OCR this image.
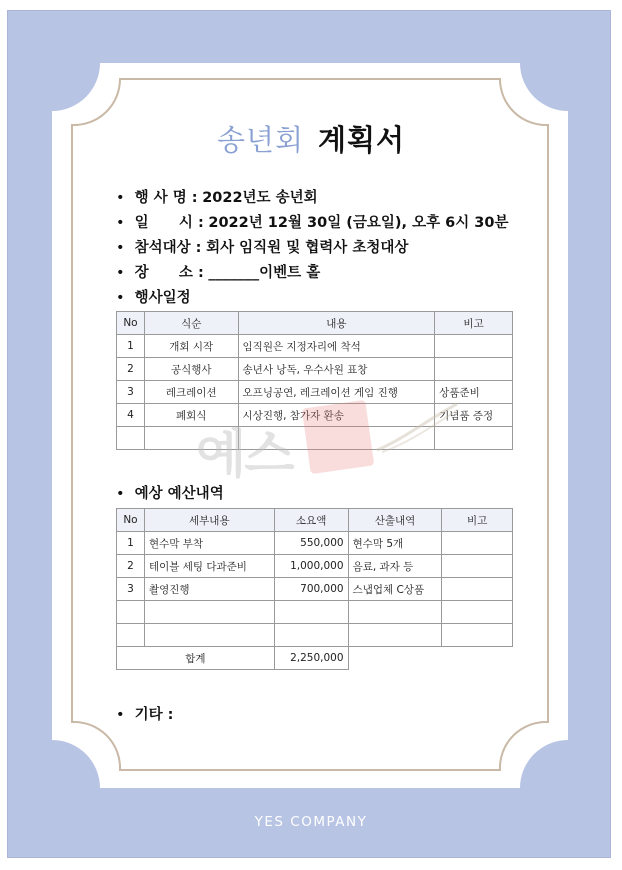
송년회 계획서
• 행 사 명 : 2022년도 송년회
• 일      시 : 2022년 12월 30일 (금요일), 오후 6시 30분
• 참석대상 : 회사 임직원 및 협력사 초청대상
• 장      소 : _______이벤트 홀
• 행사일정
No	식순	내용	비고
1	개회 시작	임직원은 지정자리에 착석	
2	공식행사	송년사 낭독, 우수사원 표창	
3	레크레이션	오프닝공연, 레크레이션 게임 진행	상품준비
4	폐회식	시상진행, 참가자 환송	기념품 증정

예스
• 예상 예산내역
No	세부내용	소요액	산출내역	비고
1	현수막 부착	550,000	현수막 5개	
2	테이블 세팅 다과준비	1,000,000	음료, 과자 등	
3	촬영진행	700,000	스냅업체 C상품	

합계		2,250,000		
• 기타 :
YES COMPANY
